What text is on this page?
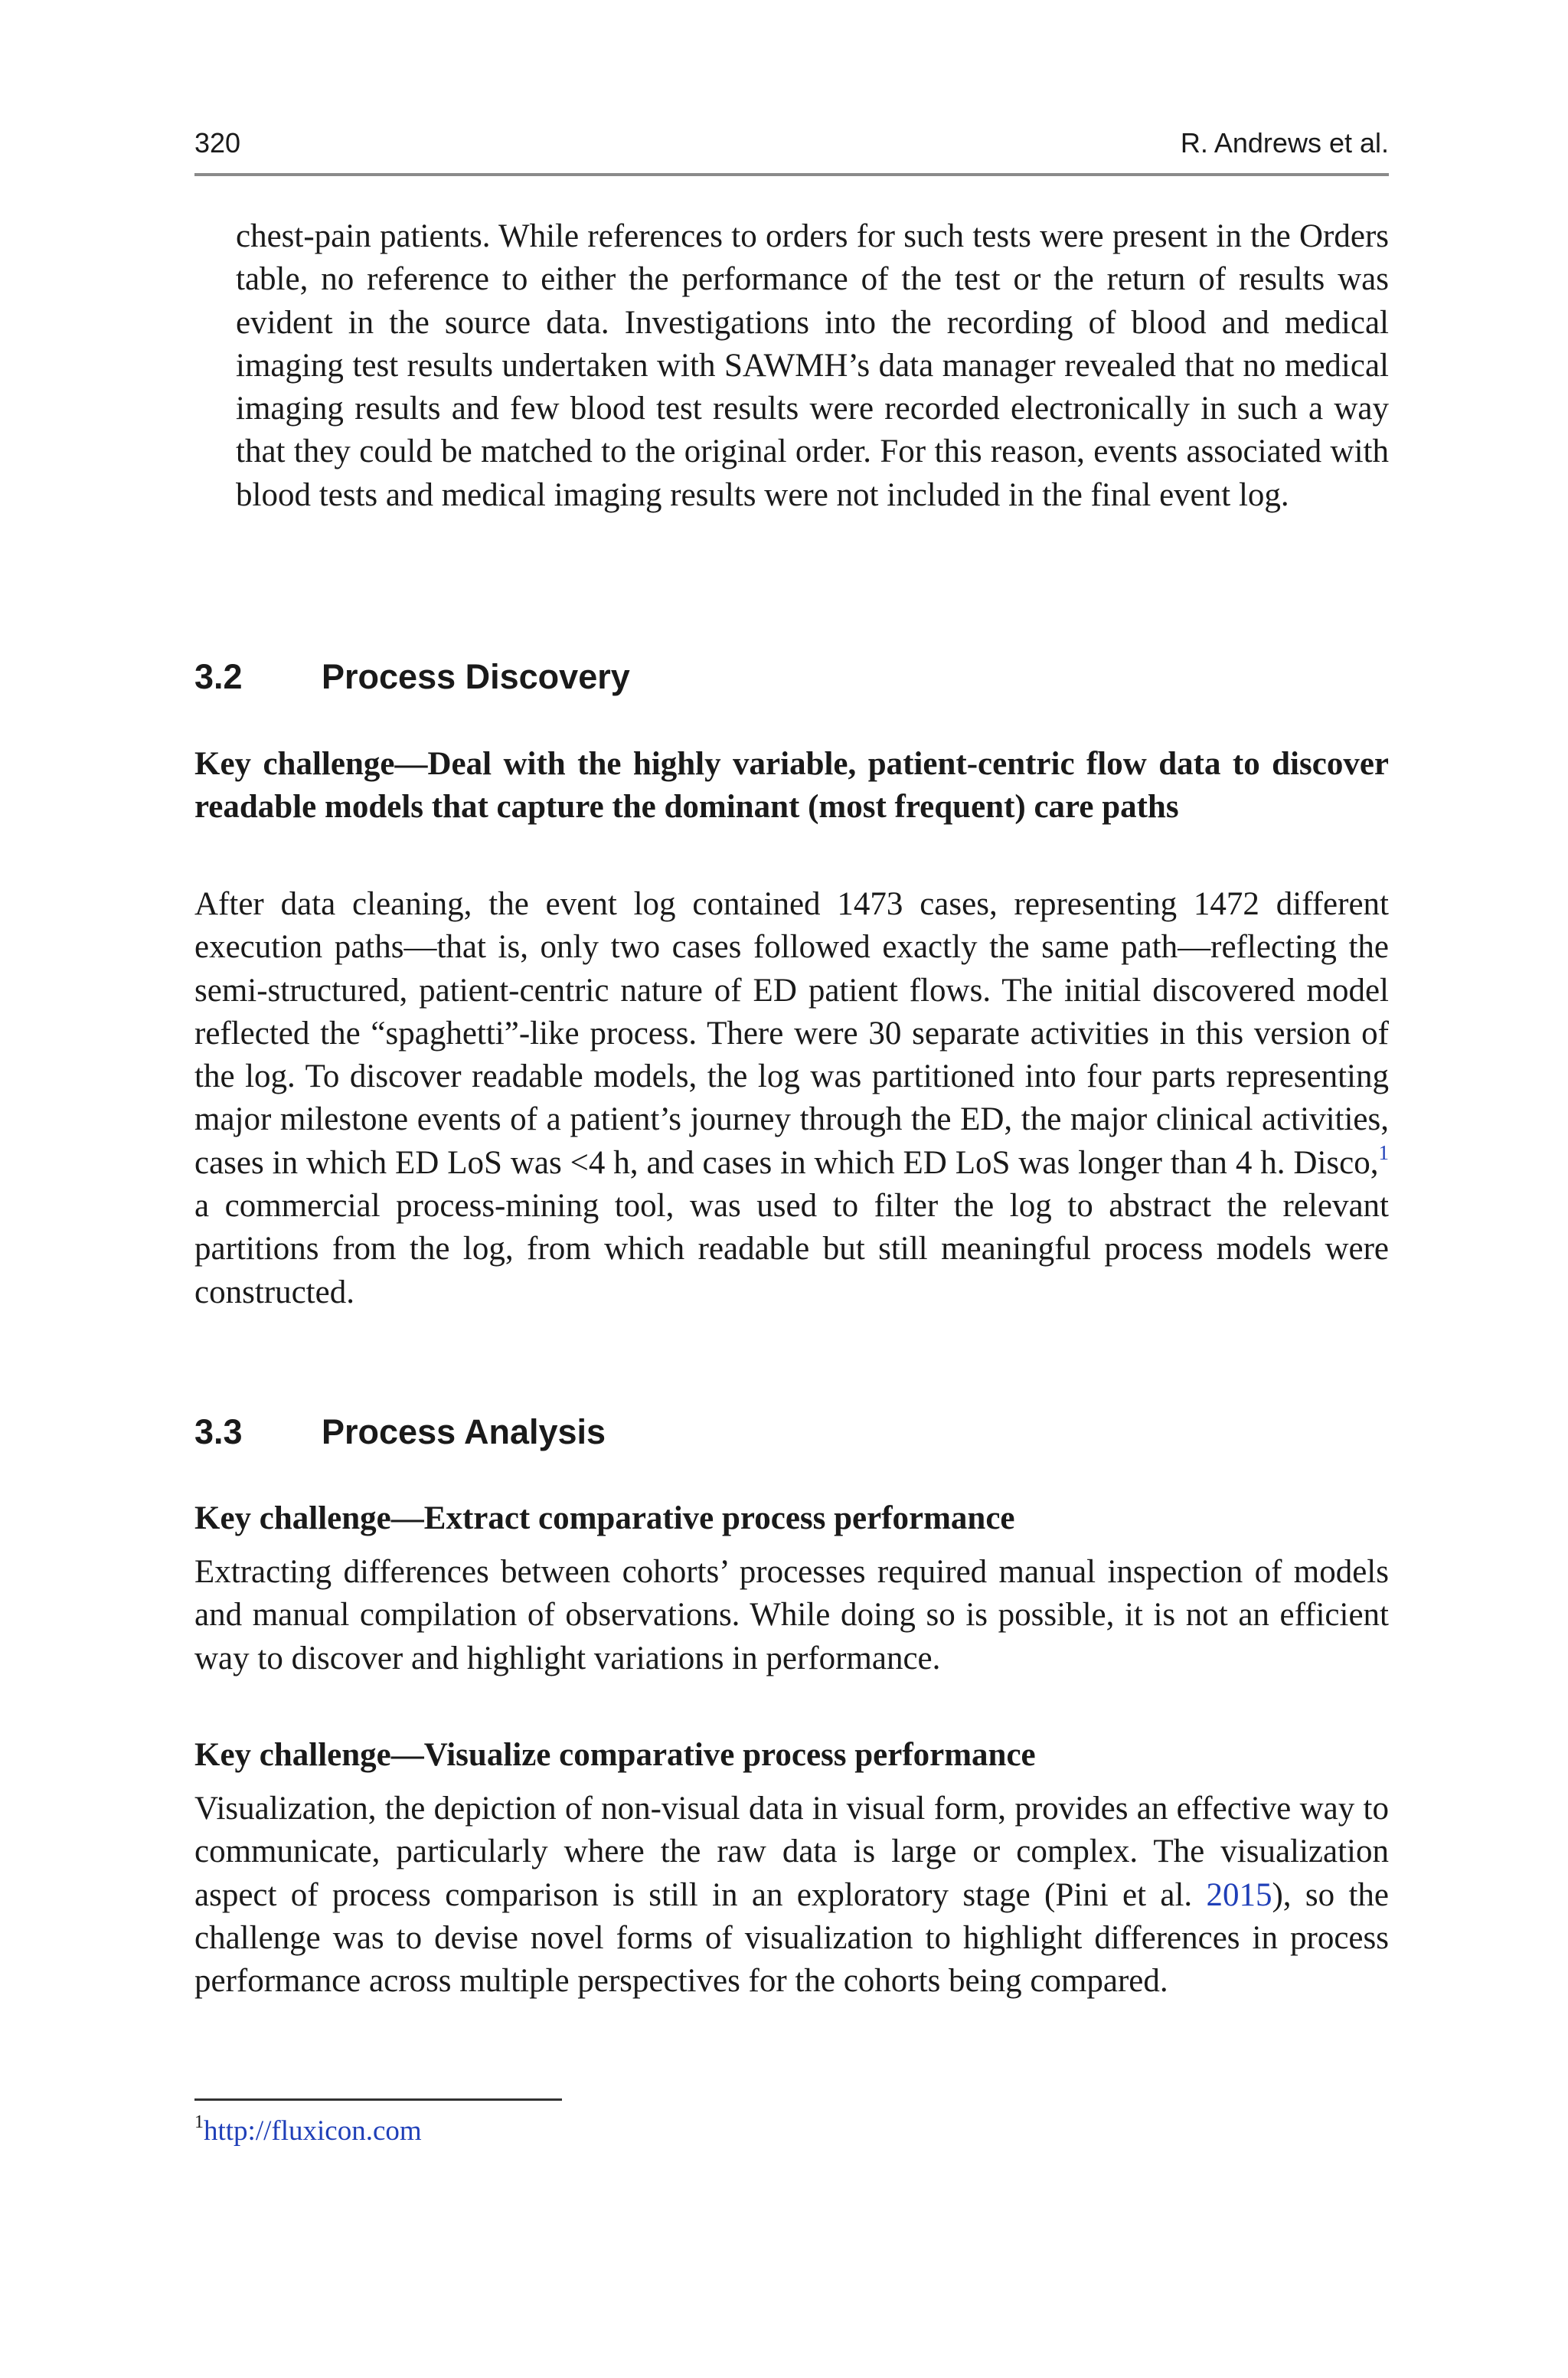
320	R. Andrews et al.

chest-pain patients. While references to orders for such tests were present in the Orders table, no reference to either the performance of the test or the return of results was evident in the source data. Investigations into the recording of blood and medical imaging test results undertaken with SAWMH’s data manager revealed that no medical imaging results and few blood test results were recorded electronically in such a way that they could be matched to the original order. For this reason, events associated with blood tests and medical imaging results were not included in the final event log.

3.2 Process Discovery

Key challenge—Deal with the highly variable, patient-centric flow data to discover readable models that capture the dominant (most frequent) care paths

After data cleaning, the event log contained 1473 cases, representing 1472 different execution paths—that is, only two cases followed exactly the same path—reflecting the semi-structured, patient-centric nature of ED patient flows. The initial discovered model reflected the “spaghetti”-like process. There were 30 separate activities in this version of the log. To discover readable models, the log was partitioned into four parts representing major milestone events of a patient’s journey through the ED, the major clinical activities, cases in which ED LoS was <4 h, and cases in which ED LoS was longer than 4 h. Disco,$^1$ a commercial process-mining tool, was used to filter the log to abstract the relevant partitions from the log, from which readable but still meaningful process models were constructed.

3.3 Process Analysis

Key challenge—Extract comparative process performance

Extracting differences between cohorts’ processes required manual inspection of models and manual compilation of observations. While doing so is possible, it is not an efficient way to discover and highlight variations in performance.

Key challenge—Visualize comparative process performance

Visualization, the depiction of non-visual data in visual form, provides an effective way to communicate, particularly where the raw data is large or complex. The visualization aspect of process comparison is still in an exploratory stage (Pini et al. 2015), so the challenge was to devise novel forms of visualization to highlight differences in process performance across multiple perspectives for the cohorts being compared.

$^1$http://fluxicon.com
